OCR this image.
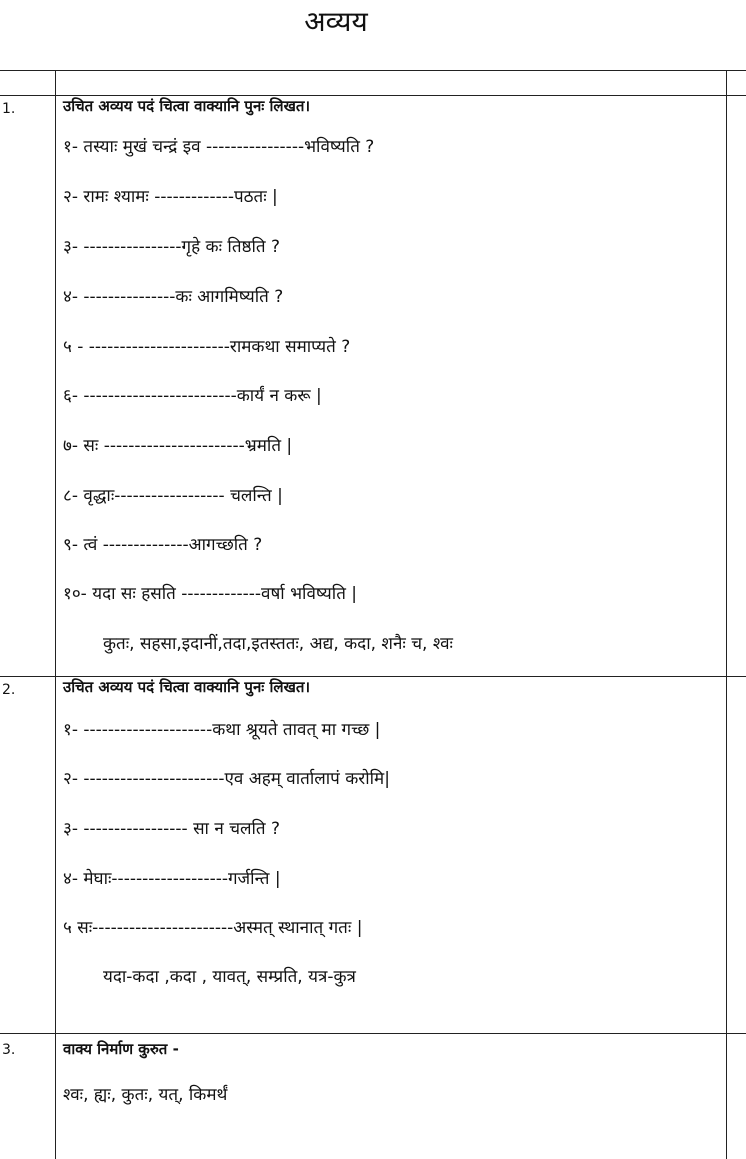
अव्यय
1.	उचित अव्यय पदं चित्वा वाक्यानि पुनः लिखत।
१- तस्याः मुखं चन्द्रं इव ----------------भविष्यति ?
२- रामः श्यामः -------------पठतः |
३- ----------------गृहे कः तिष्ठति ?
४- ---------------कः आगमिष्यति ?
५ - -----------------------रामकथा समाप्यते ?
६- -------------------------कार्यं न करू |
७- सः -----------------------भ्रमति |
८- वृद्धाः------------------ चलन्ति |
९- त्वं --------------आगच्छति ?
१०- यदा सः हसति -------------वर्षा भविष्यति |
कुतः, सहसा,इदानीं,तदा,इतस्ततः, अद्य, कदा, शनैः च, श्वः
2.	उचित अव्यय पदं चित्वा वाक्यानि पुनः लिखत।
१- ---------------------कथा श्रूयते तावत् मा गच्छ |
२- -----------------------एव अहम् वार्तालापं करोमि|
३- ----------------- सा न चलति ?
४- मेघाः-------------------गर्जन्ति |
५ सः-----------------------अस्मत् स्थानात् गतः |
यदा-कदा ,कदा , यावत्, सम्प्रति, यत्र-कुत्र
3.	वाक्य निर्माण कुरुत -
श्वः, ह्यः, कुतः, यत्, किमर्थं
